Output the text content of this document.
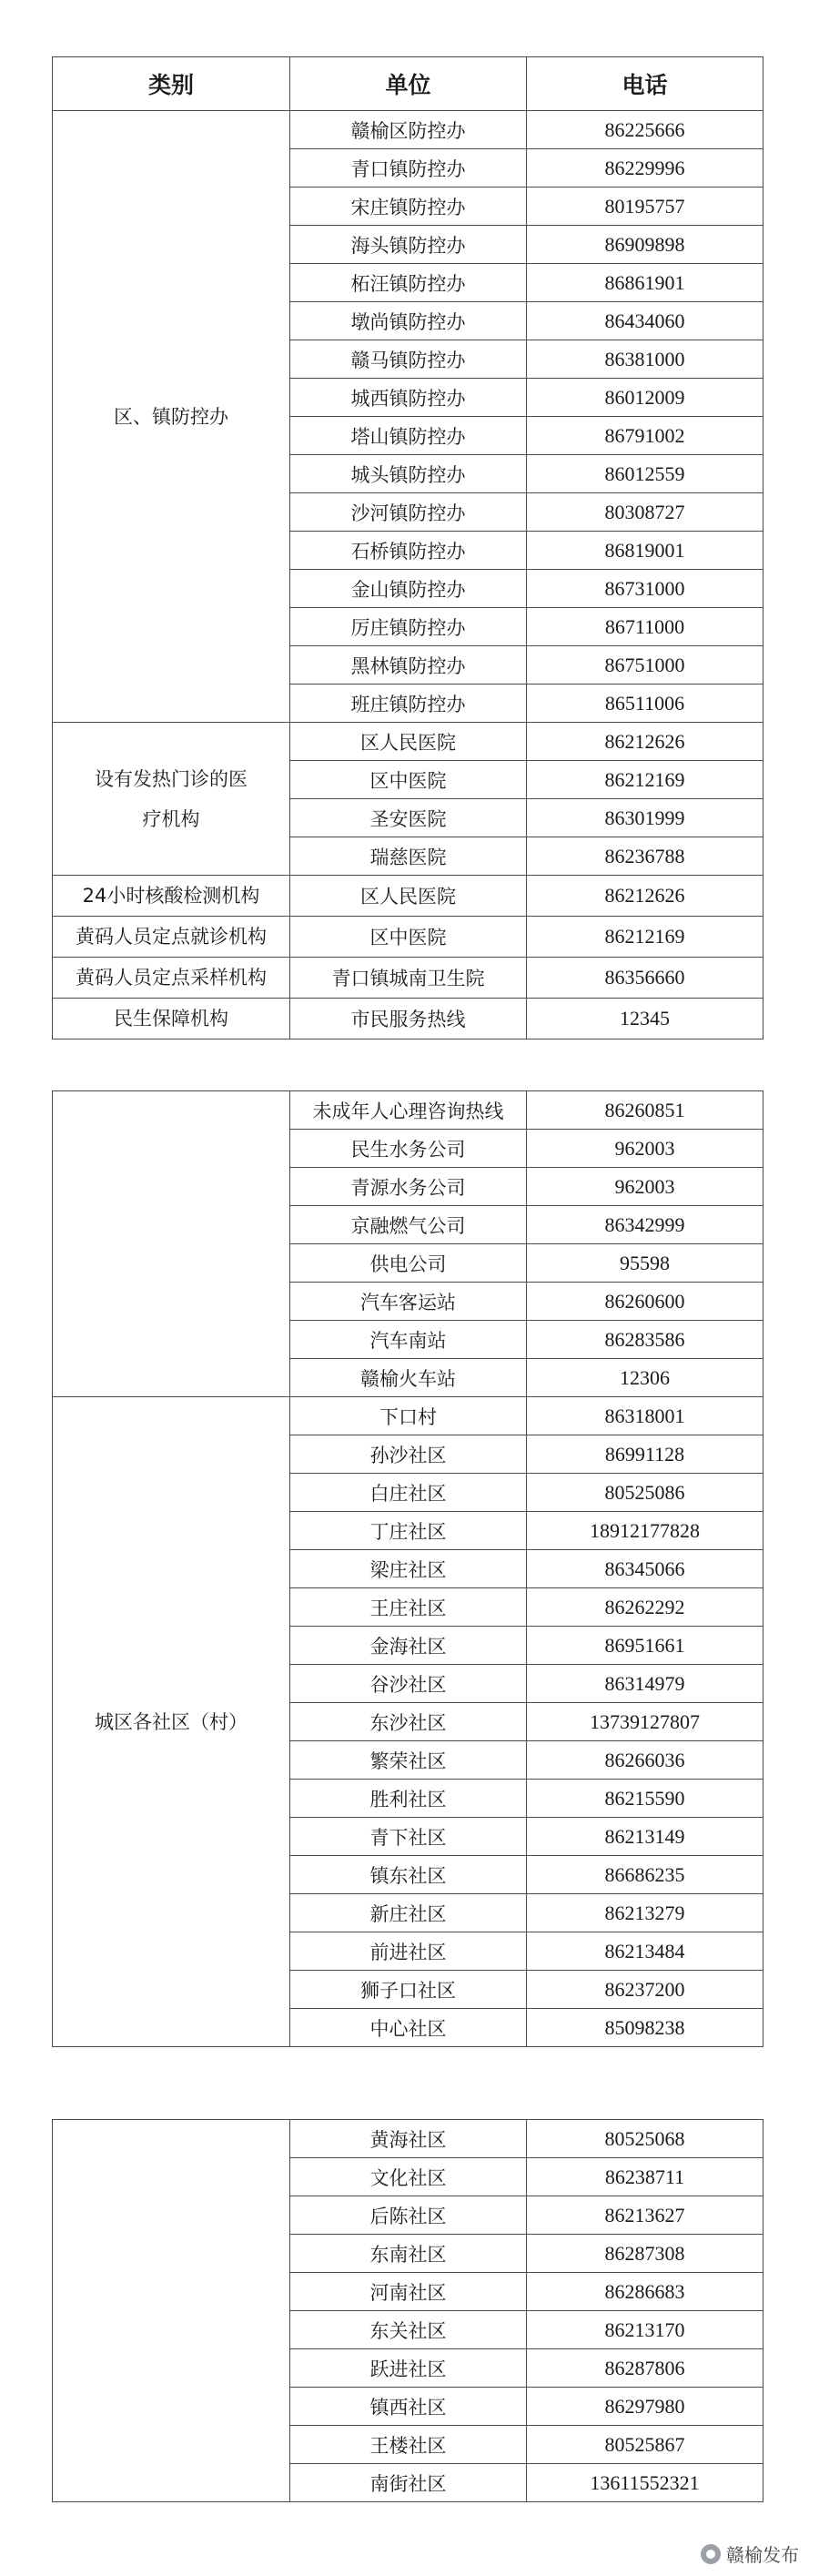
类别	单位	电话
区、镇防控办	赣榆区防控办	86225666
	青口镇防控办	86229996
	宋庄镇防控办	80195757
	海头镇防控办	86909898
	柘汪镇防控办	86861901
	墩尚镇防控办	86434060
	赣马镇防控办	86381000
	城西镇防控办	86012009
	塔山镇防控办	86791002
	城头镇防控办	86012559
	沙河镇防控办	80308727
	石桥镇防控办	86819001
	金山镇防控办	86731000
	厉庄镇防控办	86711000
	黑林镇防控办	86751000
	班庄镇防控办	86511006
设有发热门诊的医疗机构	区人民医院	86212626
	区中医院	86212169
	圣安医院	86301999
	瑞慈医院	86236788
24小时核酸检测机构	区人民医院	86212626
黄码人员定点就诊机构	区中医院	86212169
黄码人员定点采样机构	青口镇城南卫生院	86356660
民生保障机构	市民服务热线	12345
	未成年人心理咨询热线	86260851
	民生水务公司	962003
	青源水务公司	962003
	京融燃气公司	86342999
	供电公司	95598
	汽车客运站	86260600
	汽车南站	86283586
	赣榆火车站	12306
城区各社区（村）	下口村	86318001
	孙沙社区	86991128
	白庄社区	80525086
	丁庄社区	18912177828
	梁庄社区	86345066
	王庄社区	86262292
	金海社区	86951661
	谷沙社区	86314979
	东沙社区	13739127807
	繁荣社区	86266036
	胜利社区	86215590
	青下社区	86213149
	镇东社区	86686235
	新庄社区	86213279
	前进社区	86213484
	狮子口社区	86237200
	中心社区	85098238
	黄海社区	80525068
	文化社区	86238711
	后陈社区	86213627
	东南社区	86287308
	河南社区	86286683
	东关社区	86213170
	跃进社区	86287806
	镇西社区	86297980
	王楼社区	80525867
	南街社区	13611552321
赣榆发布
